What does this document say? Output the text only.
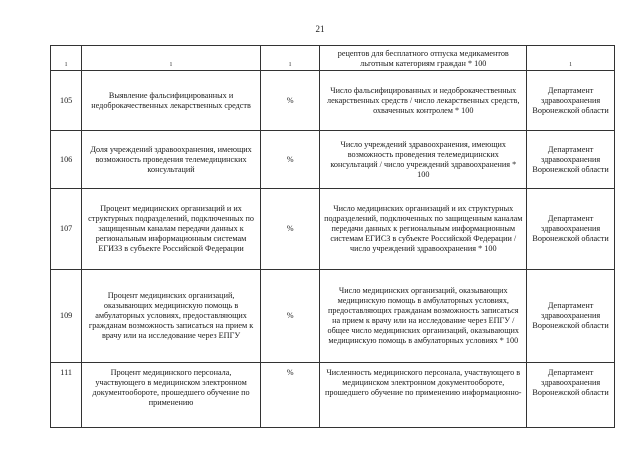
21
ı	ı	ı	рецептов для бесплатного отпуска медикаментов льготным категориям граждан * 100	ı
105	Выявление фальсифицированных и недоброкачественных лекарственных средств	%	Число фальсифицированных и недоброкачественных лекарственных средств / число лекарственных средств, охваченных контролем * 100	Департамент здравоохранения Воронежской области
106	Доля учреждений здравоохранения, имеющих возможность проведения телемедицинских консультаций	%	Число учреждений здравоохранения, имеющих возможность проведения телемедицинских консультаций / число учреждений здравоохранения * 100	Департамент здравоохранения Воронежской области
107	Процент медицинских организаций и их структурных подразделений, подключенных по защищенным каналам передачи данных к региональным информационным системам ЕГИЗЗ в субъекте Российской Федерации	%	Число медицинских организаций и их структурных подразделений, подключенных по защищенным каналам передачи данных к региональным информационным системам ЕГИСЗ в субъекте Российской Федерации / число учреждений здравоохранения * 100	Департамент здравоохранения Воронежской области
109	Процент медицинских организаций, оказывающих медицинскую помощь в амбулаторных условиях, предоставляющих гражданам возможность записаться на прием к врачу или на исследование через ЕПГУ	%	Число медицинских организаций, оказывающих медицинскую помощь в амбулаторных условиях, предоставляющих гражданам возможность записаться на прием к врачу или на исследование через ЕПГУ / общее число медицинских организаций, оказывающих медицинскую помощь в амбулаторных условиях * 100	Департамент здравоохранения Воронежской области
111	Процент медицинского персонала, участвующего в медицинском электронном документообороте, прошедшего обучение по применению	%	Численность медицинского персонала, участвующего в медицинском электронном документообороте, прошедшего обучение по применению информационно-	Департамент здравоохранения Воронежской области
